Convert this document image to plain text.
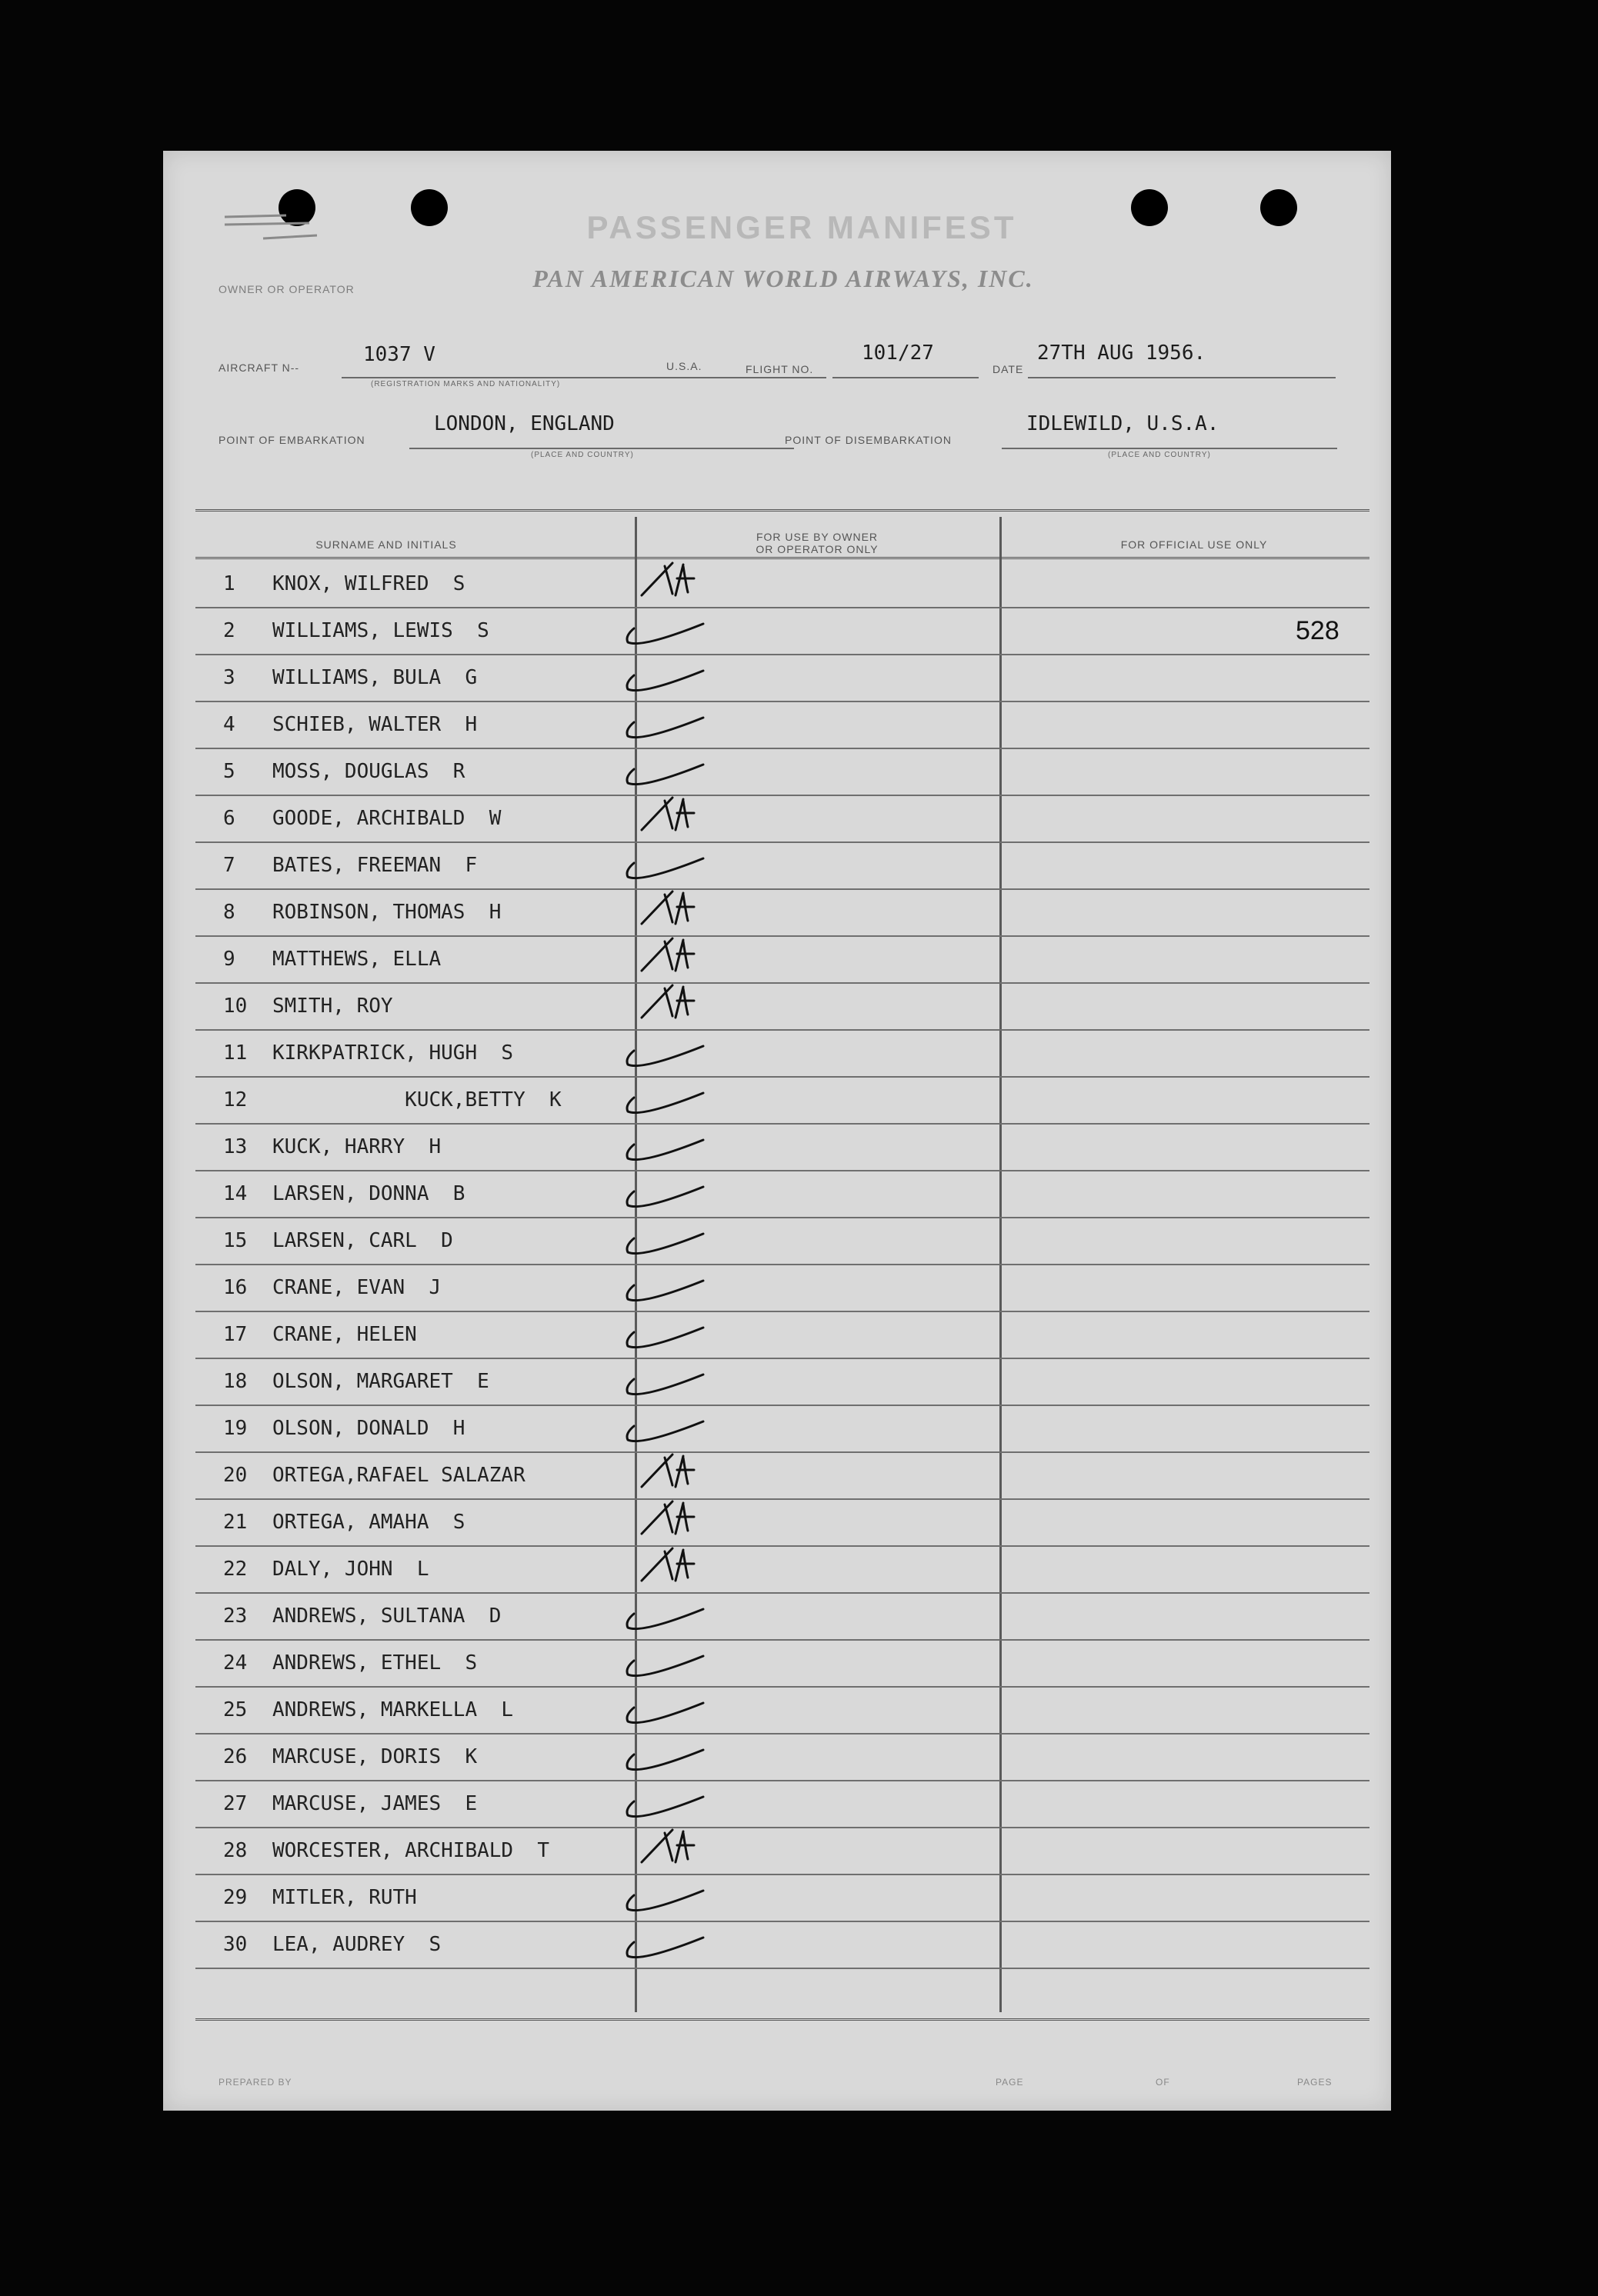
PASSENGER MANIFEST
PAN AMERICAN WORLD AIRWAYS, INC.
OWNER OR OPERATOR
AIRCRAFT N--
1037 V
(REGISTRATION MARKS AND NATIONALITY)
U.S.A.	FLIGHT NO.
101/27
DATE
27TH AUG 1956.
POINT OF EMBARKATION
LONDON, ENGLAND
(PLACE AND COUNTRY)
POINT OF DISEMBARKATION
IDLEWILD, U.S.A.
(PLACE AND COUNTRY)
SURNAME AND INITIALS
FOR USE BY OWNER
OR OPERATOR ONLY	FOR OFFICIAL USE ONLY
1 KNOX, WILFRED  S
2 WILLIAMS, LEWIS  S	528
3 WILLIAMS, BULA  G
4 SCHIEB, WALTER  H
5 MOSS, DOUGLAS  R
6 GOODE, ARCHIBALD  W
7 BATES, FREEMAN  F
8 ROBINSON, THOMAS  H
9 MATTHEWS, ELLA
10 SMITH, ROY
11 KIRKPATRICK, HUGH  S
12 KUCK,BETTY  K
13 KUCK, HARRY  H
14 LARSEN, DONNA  B
15 LARSEN, CARL  D
16 CRANE, EVAN  J
17 CRANE, HELEN
18 OLSON, MARGARET  E
19 OLSON, DONALD  H
20 ORTEGA,RAFAEL SALAZAR
21 ORTEGA, AMAHA  S
22 DALY, JOHN  L
23 ANDREWS, SULTANA  D
24 ANDREWS, ETHEL  S
25 ANDREWS, MARKELLA  L
26 MARCUSE, DORIS  K
27 MARCUSE, JAMES  E
28 WORCESTER, ARCHIBALD  T
29 MITLER, RUTH
30 LEA, AUDREY  S
PREPARED BY	PAGE	OF	PAGES
